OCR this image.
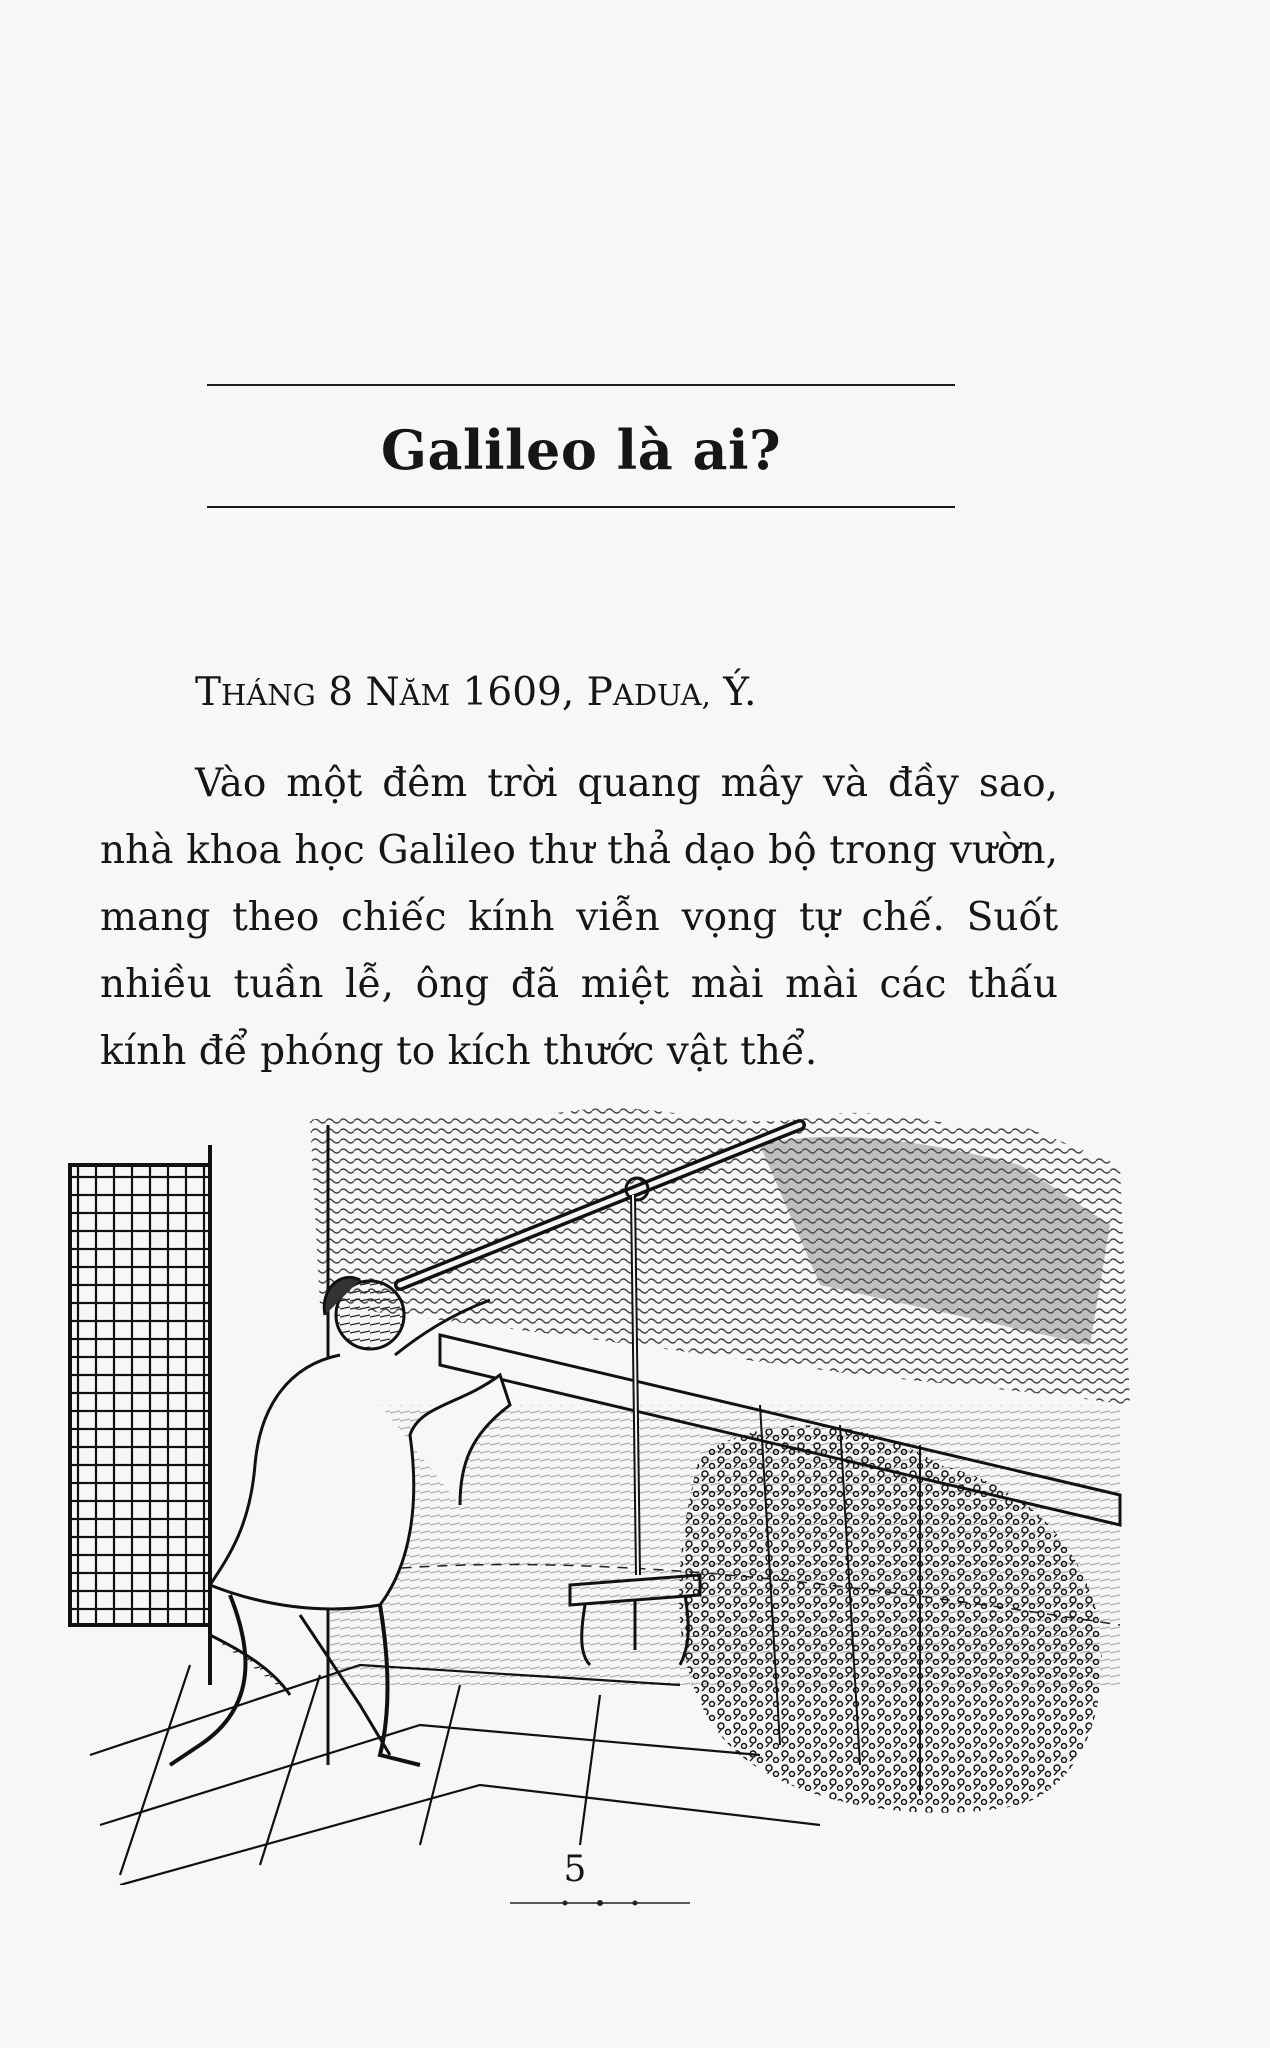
Galileo là ai?
THÁNG 8 NĂM 1609, PADUA, Ý.

Vào một đêm trời quang mây và đầy sao, nhà khoa học Galileo thư thả dạo bộ trong vườn, mang theo chiếc kính viễn vọng tự chế. Suốt nhiều tuần lễ, ông đã miệt mài mài các thấu kính để phóng to kích thước vật thể.

5
